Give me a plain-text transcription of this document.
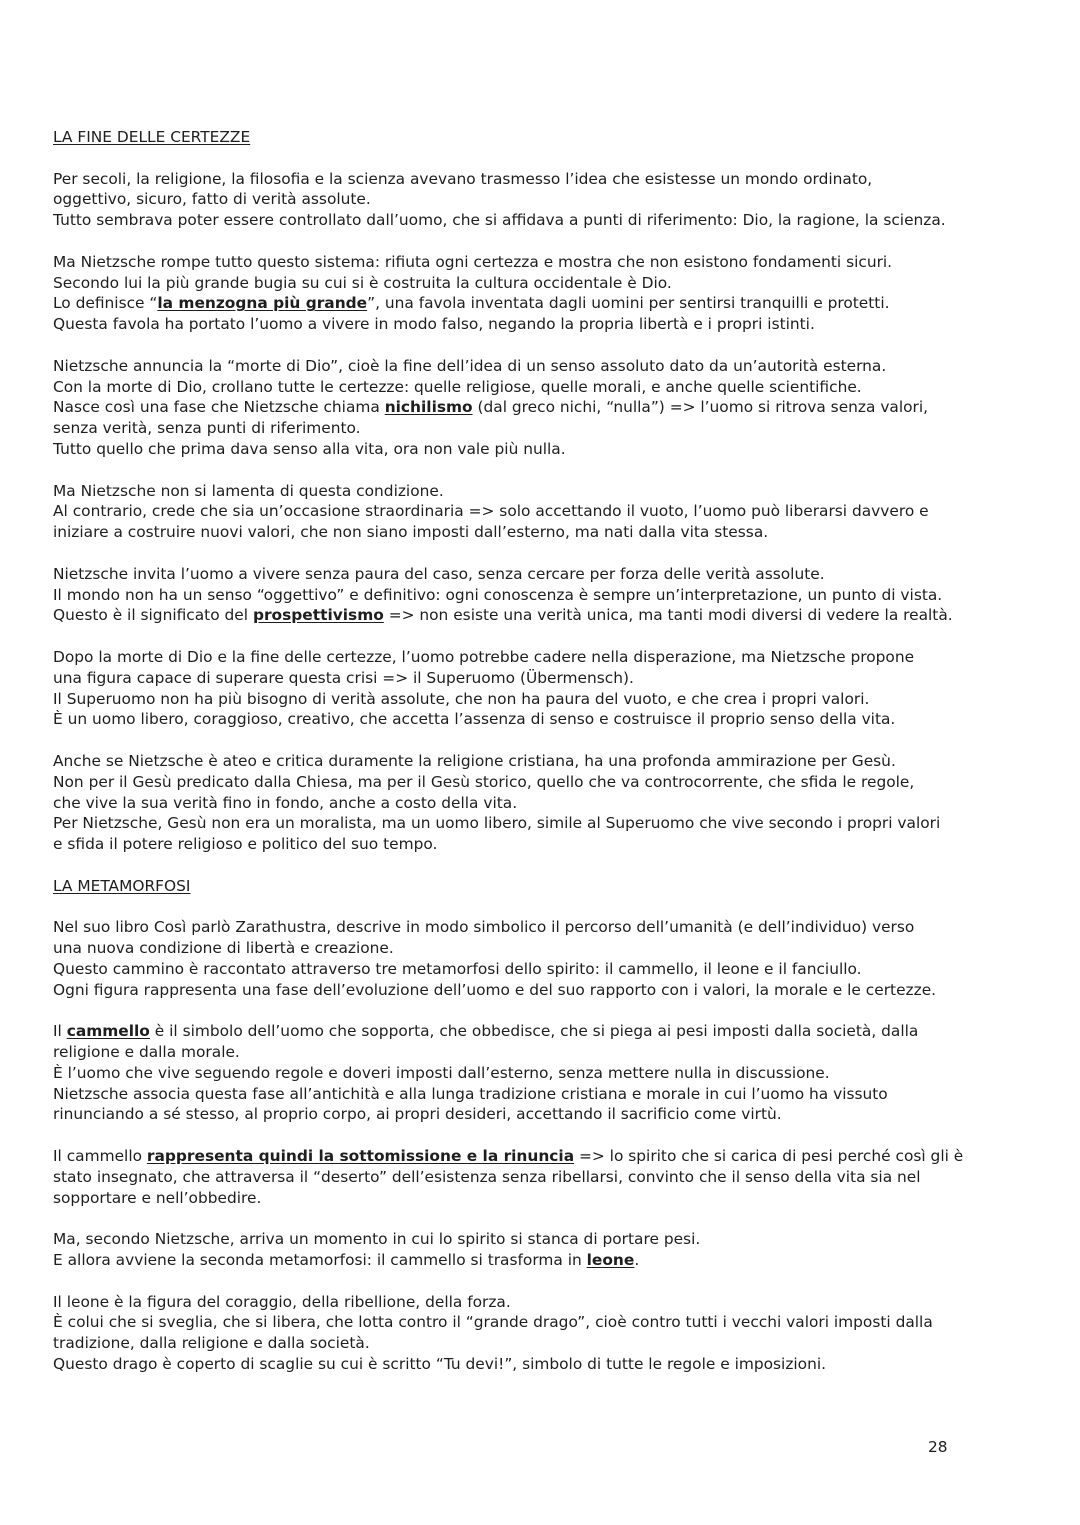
LA FINE DELLE CERTEZZE
Per secoli, la religione, la filosofia e la scienza avevano trasmesso l’idea che esistesse un mondo ordinato,
oggettivo, sicuro, fatto di verità assolute.
Tutto sembrava poter essere controllato dall’uomo, che si affidava a punti di riferimento: Dio, la ragione, la scienza.
Ma Nietzsche rompe tutto questo sistema: rifiuta ogni certezza e mostra che non esistono fondamenti sicuri.
Secondo lui la più grande bugia su cui si è costruita la cultura occidentale è Dio.
Lo definisce “la menzogna più grande”, una favola inventata dagli uomini per sentirsi tranquilli e protetti.
Questa favola ha portato l’uomo a vivere in modo falso, negando la propria libertà e i propri istinti.
Nietzsche annuncia la “morte di Dio”, cioè la fine dell’idea di un senso assoluto dato da un’autorità esterna.
Con la morte di Dio, crollano tutte le certezze: quelle religiose, quelle morali, e anche quelle scientifiche.
Nasce così una fase che Nietzsche chiama nichilismo (dal greco nichi, “nulla”) => l’uomo si ritrova senza valori,
senza verità, senza punti di riferimento.
Tutto quello che prima dava senso alla vita, ora non vale più nulla.
Ma Nietzsche non si lamenta di questa condizione.
Al contrario, crede che sia un’occasione straordinaria => solo accettando il vuoto, l’uomo può liberarsi davvero e
iniziare a costruire nuovi valori, che non siano imposti dall’esterno, ma nati dalla vita stessa.
Nietzsche invita l’uomo a vivere senza paura del caso, senza cercare per forza delle verità assolute.
Il mondo non ha un senso “oggettivo” e definitivo: ogni conoscenza è sempre un’interpretazione, un punto di vista.
Questo è il significato del prospettivismo => non esiste una verità unica, ma tanti modi diversi di vedere la realtà.
Dopo la morte di Dio e la fine delle certezze, l’uomo potrebbe cadere nella disperazione, ma Nietzsche propone
una figura capace di superare questa crisi => il Superuomo (Übermensch).
Il Superuomo non ha più bisogno di verità assolute, che non ha paura del vuoto, e che crea i propri valori.
È un uomo libero, coraggioso, creativo, che accetta l’assenza di senso e costruisce il proprio senso della vita.
Anche se Nietzsche è ateo e critica duramente la religione cristiana, ha una profonda ammirazione per Gesù.
Non per il Gesù predicato dalla Chiesa, ma per il Gesù storico, quello che va controcorrente, che sfida le regole,
che vive la sua verità fino in fondo, anche a costo della vita.
Per Nietzsche, Gesù non era un moralista, ma un uomo libero, simile al Superuomo che vive secondo i propri valori
e sfida il potere religioso e politico del suo tempo.
LA METAMORFOSI
Nel suo libro Così parlò Zarathustra, descrive in modo simbolico il percorso dell’umanità (e dell’individuo) verso
una nuova condizione di libertà e creazione.
Questo cammino è raccontato attraverso tre metamorfosi dello spirito: il cammello, il leone e il fanciullo.
Ogni figura rappresenta una fase dell’evoluzione dell’uomo e del suo rapporto con i valori, la morale e le certezze.
Il cammello è il simbolo dell’uomo che sopporta, che obbedisce, che si piega ai pesi imposti dalla società, dalla
religione e dalla morale.
È l’uomo che vive seguendo regole e doveri imposti dall’esterno, senza mettere nulla in discussione.
Nietzsche associa questa fase all’antichità e alla lunga tradizione cristiana e morale in cui l’uomo ha vissuto
rinunciando a sé stesso, al proprio corpo, ai propri desideri, accettando il sacrificio come virtù.
Il cammello rappresenta quindi la sottomissione e la rinuncia => lo spirito che si carica di pesi perché così gli è
stato insegnato, che attraversa il “deserto” dell’esistenza senza ribellarsi, convinto che il senso della vita sia nel
sopportare e nell’obbedire.
Ma, secondo Nietzsche, arriva un momento in cui lo spirito si stanca di portare pesi.
E allora avviene la seconda metamorfosi: il cammello si trasforma in leone.
Il leone è la figura del coraggio, della ribellione, della forza.
È colui che si sveglia, che si libera, che lotta contro il “grande drago”, cioè contro tutti i vecchi valori imposti dalla
tradizione, dalla religione e dalla società.
Questo drago è coperto di scaglie su cui è scritto “Tu devi!”, simbolo di tutte le regole e imposizioni.
28
